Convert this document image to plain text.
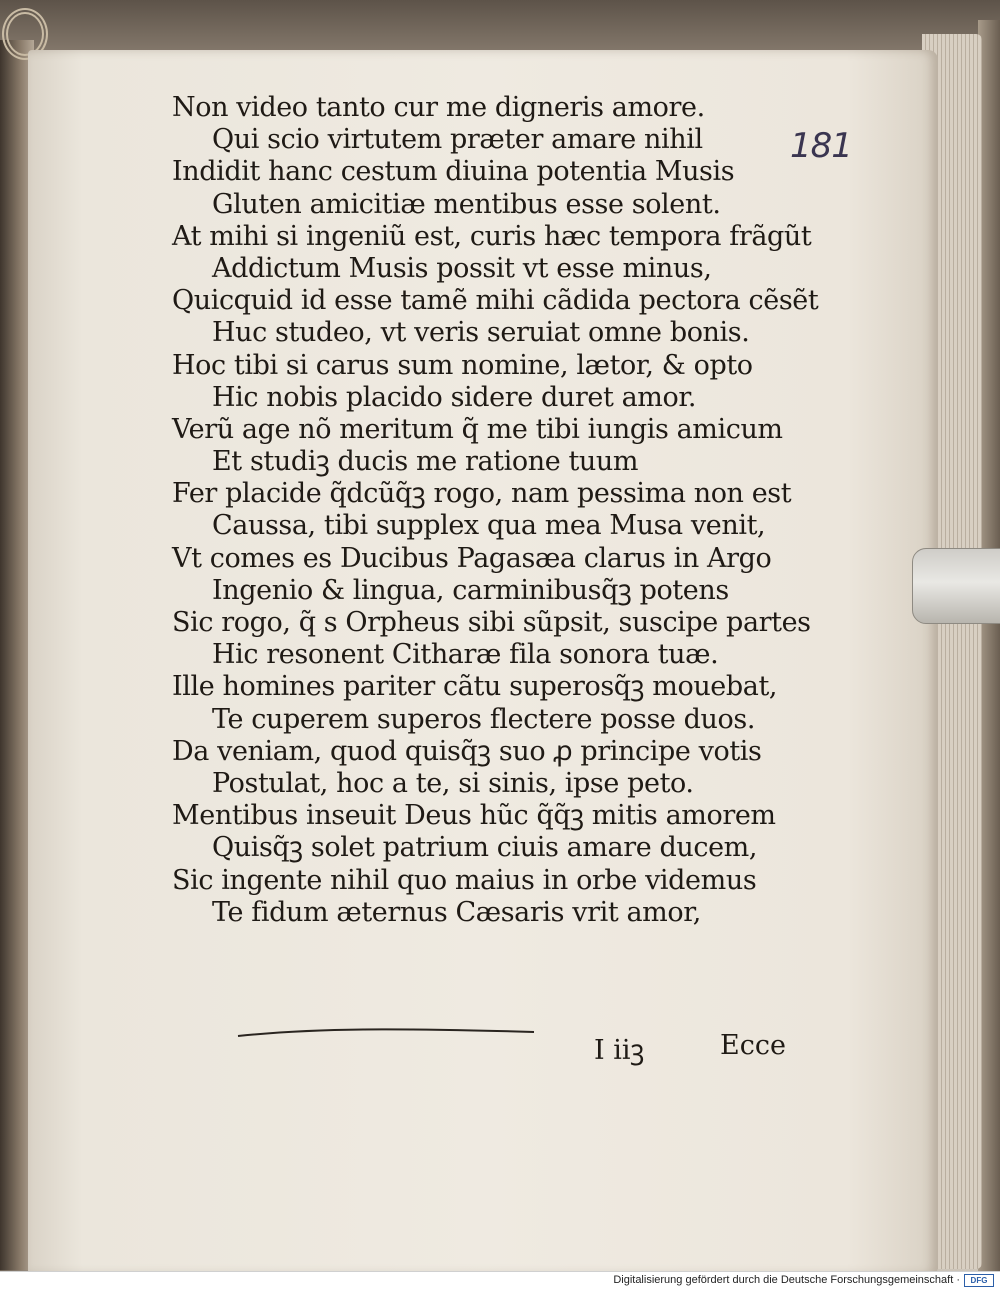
181
Non video tanto cur me digneris amore.
Qui scio virtutem præter amare nihil
Indidit hanc cestum diuina potentia Musis
Gluten amicitiæ mentibus esse solent.
At mihi si ingeniũ est, curis hæc tempora frãgũt
Addictum Musis possit vt esse minus,
Quicquid id esse tamẽ mihi cãdida pectora cẽsẽt
Huc studeo, vt veris seruiat omne bonis.
Hoc tibi si carus sum nomine, lætor, & opto
Hic nobis placido sidere duret amor.
Verũ age nõ meritum q̃ me tibi iungis amicum
Et studiꝫ ducis me ratione tuum
Fer placide q̃dcũq̃ꝫ rogo, nam pessima non est
Caussa, tibi supplex qua mea Musa venit,
Vt comes es Ducibus Pagasæa clarus in Argo
Ingenio & lingua, carminibusq̃ꝫ potens
Sic rogo, q̃ s Orpheus sibi sũpsit, suscipe partes
Hic resonent Citharæ fila sonora tuæ.
Ille homines pariter cãtu superosq̃ꝫ mouebat,
Te cuperem superos flectere posse duos.
Da veniam, quod quisq̃ꝫ suo ꝓ principe votis
Postulat, hoc a te, si sinis, ipse peto.
Mentibus inseuit Deus hũc q̃q̃ꝫ mitis amorem
Quisq̃ꝫ solet patrium ciuis amare ducem,
Sic ingente nihil quo maius in orbe videmus
Te fidum æternus Cæsaris vrit amor,
I iiꝫ	Ecce
Digitalisierung gefördert durch die Deutsche Forschungsgemeinschaft ·	DFG
